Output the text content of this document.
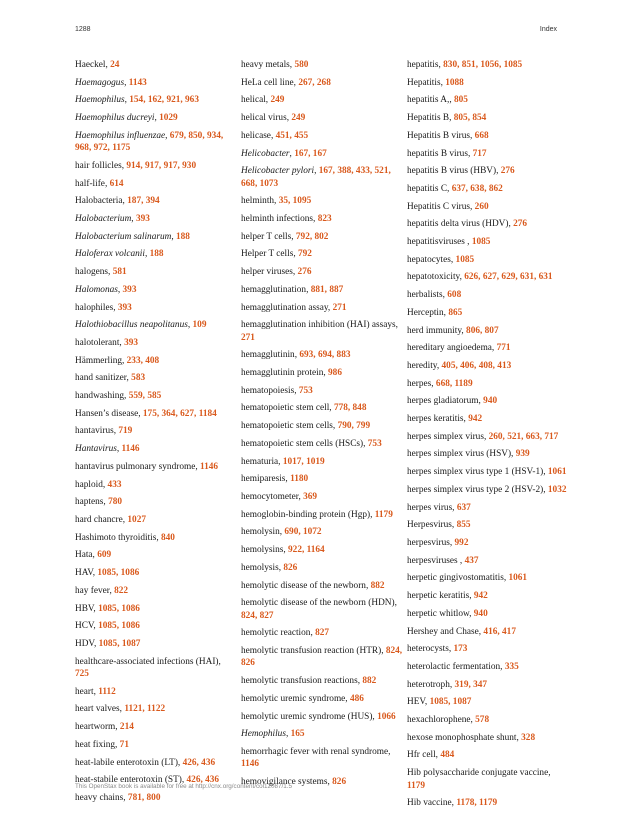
1288	Index
Haeckel, 24
Haemagogus, 1143
Haemophilus, 154, 162, 921, 963
Haemophilus ducreyi, 1029
Haemophilus influenzae, 679, 850, 934, 968, 972, 1175
hair follicles, 914, 917, 917, 930
half-life, 614
Halobacteria, 187, 394
Halobacterium, 393
Halobacterium salinarum, 188
Haloferax volcanii, 188
halogens, 581
Halomonas, 393
halophiles, 393
Halothiobacillus neapolitanus, 109
halotolerant, 393
Hämmerling, 233, 408
hand sanitizer, 583
handwashing, 559, 585
Hansen’s disease, 175, 364, 627, 1184
hantavirus, 719
Hantavirus, 1146
hantavirus pulmonary syndrome, 1146
haploid, 433
haptens, 780
hard chancre, 1027
Hashimoto thyroiditis, 840
Hata, 609
HAV, 1085, 1086
hay fever, 822
HBV, 1085, 1086
HCV, 1085, 1086
HDV, 1085, 1087
healthcare-associated infections (HAI), 725
heart, 1112
heart valves, 1121, 1122
heartworm, 214
heat fixing, 71
heat-labile enterotoxin (LT), 426, 436
heat-stabile enterotoxin (ST), 426, 436
heavy chains, 781, 800
heavy metals, 580
HeLa cell line, 267, 268
helical, 249
helical virus, 249
helicase, 451, 455
Helicobacter, 167, 167
Helicobacter pylori, 167, 388, 433, 521, 668, 1073
helminth, 35, 1095
helminth infections, 823
helper T cells, 792, 802
Helper T cells, 792
helper viruses, 276
hemagglutination, 881, 887
hemagglutination assay, 271
hemagglutination inhibition (HAI) assays, 271
hemagglutinin, 693, 694, 883
hemagglutinin protein, 986
hematopoiesis, 753
hematopoietic stem cell, 778, 848
hematopoietic stem cells, 790, 799
hematopoietic stem cells (HSCs), 753
hematuria, 1017, 1019
hemiparesis, 1180
hemocytometer, 369
hemoglobin-binding protein (Hgp), 1179
hemolysin, 690, 1072
hemolysins, 922, 1164
hemolysis, 826
hemolytic disease of the newborn, 882
hemolytic disease of the newborn (HDN), 824, 827
hemolytic reaction, 827
hemolytic transfusion reaction (HTR), 824, 826
hemolytic transfusion reactions, 882
hemolytic uremic syndrome, 486
hemolytic uremic syndrome (HUS), 1066
Hemophilus, 165
hemorrhagic fever with renal syndrome, 1146
hemovigilance systems, 826
hepatitis, 830, 851, 1056, 1085
Hepatitis, 1088
hepatitis A,, 805
Hepatitis B, 805, 854
Hepatitis B virus, 668
hepatitis B virus, 717
hepatitis B virus (HBV), 276
hepatitis C, 637, 638, 862
Hepatitis C virus, 260
hepatitis delta virus (HDV), 276
hepatitisviruses , 1085
hepatocytes, 1085
hepatotoxicity, 626, 627, 629, 631, 631
herbalists, 608
Herceptin, 865
herd immunity, 806, 807
hereditary angioedema, 771
heredity, 405, 406, 408, 413
herpes, 668, 1189
herpes gladiatorum, 940
herpes keratitis, 942
herpes simplex virus, 260, 521, 663, 717
herpes simplex virus (HSV), 939
herpes simplex virus type 1 (HSV-1), 1061
herpes simplex virus type 2 (HSV-2), 1032
herpes virus, 637
Herpesvirus, 855
herpesvirus, 992
herpesviruses , 437
herpetic gingivostomatitis, 1061
herpetic keratitis, 942
herpetic whitlow, 940
Hershey and Chase, 416, 417
heterocysts, 173
heterolactic fermentation, 335
heterotroph, 319, 347
HEV, 1085, 1087
hexachlorophene, 578
hexose monophosphate shunt, 328
Hfr cell, 484
Hib polysaccharide conjugate vaccine, 1179
Hib vaccine, 1178, 1179
This OpenStax book is available for free at http://cnx.org/content/col12087/1.5
